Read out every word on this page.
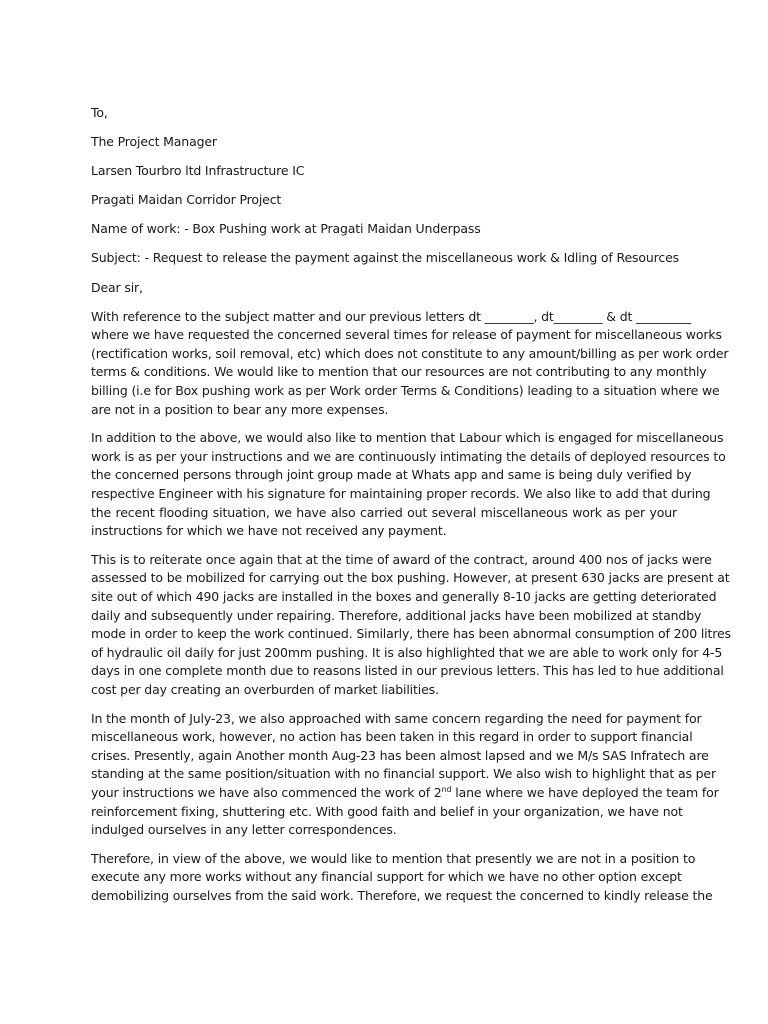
To,

The Project Manager

Larsen Tourbro ltd Infrastructure IC

Pragati Maidan Corridor Project

Name of work: - Box Pushing work at Pragati Maidan Underpass

Subject: - Request to release the payment against the miscellaneous work & Idling of Resources

Dear sir,

With reference to the subject matter and our previous letters dt ________, dt________ & dt _________
where we have requested the concerned several times for release of payment for miscellaneous works
(rectification works, soil removal, etc) which does not constitute to any amount/billing as per work order
terms & conditions. We would like to mention that our resources are not contributing to any monthly
billing (i.e for Box pushing work as per Work order Terms & Conditions) leading to a situation where we
are not in a position to bear any more expenses.
In addition to the above, we would also like to mention that Labour which is engaged for miscellaneous
work is as per your instructions and we are continuously intimating the details of deployed resources to
the concerned persons through joint group made at Whats app and same is being duly verified by
respective Engineer with his signature for maintaining proper records. We also like to add that during
the recent flooding situation, we have also carried out several miscellaneous work as per your
instructions for which we have not received any payment.
This is to reiterate once again that at the time of award of the contract, around 400 nos of jacks were
assessed to be mobilized for carrying out the box pushing. However, at present 630 jacks are present at
site out of which 490 jacks are installed in the boxes and generally 8-10 jacks are getting deteriorated
daily and subsequently under repairing. Therefore, additional jacks have been mobilized at standby
mode in order to keep the work continued. Similarly, there has been abnormal consumption of 200 litres
of hydraulic oil daily for just 200mm pushing. It is also highlighted that we are able to work only for 4-5
days in one complete month due to reasons listed in our previous letters. This has led to hue additional
cost per day creating an overburden of market liabilities.
In the month of July-23, we also approached with same concern regarding the need for payment for
miscellaneous work, however, no action has been taken in this regard in order to support financial
crises. Presently, again Another month Aug-23 has been almost lapsed and we M/s SAS Infratech are
standing at the same position/situation with no financial support. We also wish to highlight that as per
your instructions we have also commenced the work of 2nd lane where we have deployed the team for
reinforcement fixing, shuttering etc. With good faith and belief in your organization, we have not
indulged ourselves in any letter correspondences.
Therefore, in view of the above, we would like to mention that presently we are not in a position to
execute any more works without any financial support for which we have no other option except
demobilizing ourselves from the said work. Therefore, we request the concerned to kindly release the
